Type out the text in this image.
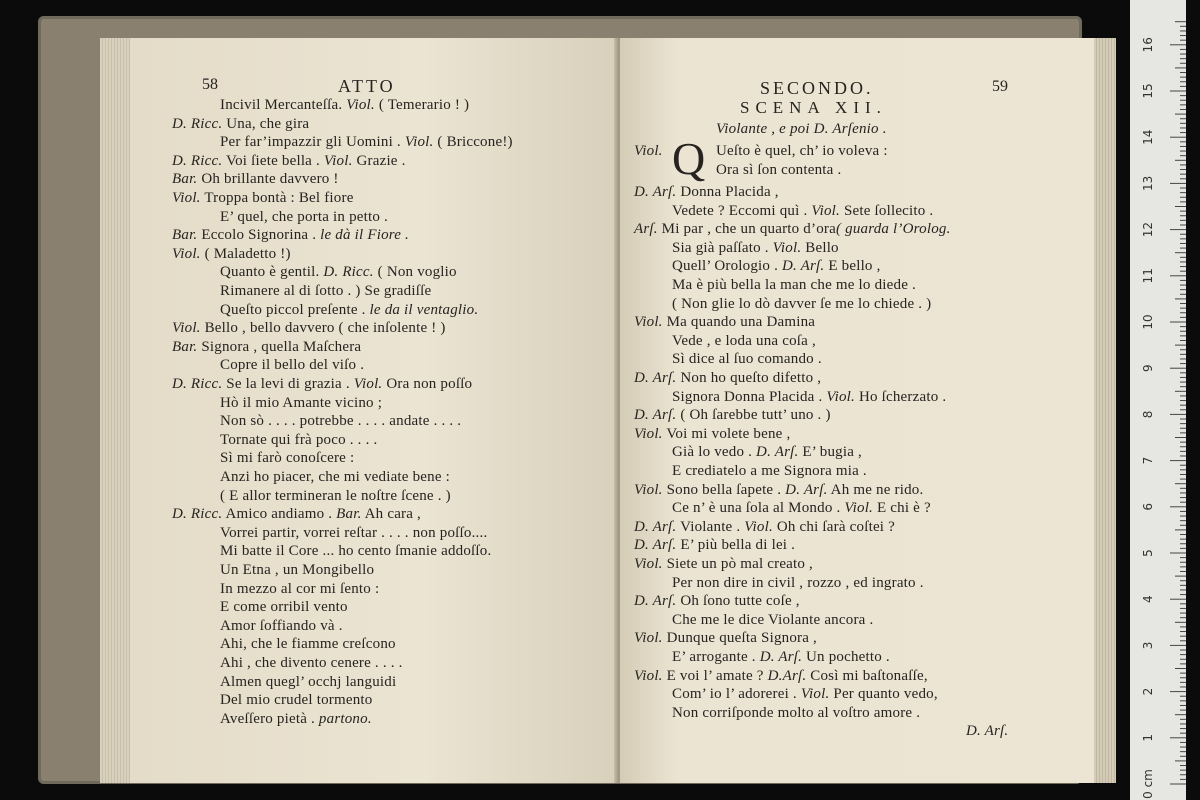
58	ATTO
Incivil Mercanteſſa. Viol. ( Temerario ! )
D. Ricc. Una, che gira
Per far’impazzir gli Uomini . Viol. ( Briccone!)
D. Ricc. Voi ſiete bella . Viol. Grazie .
Bar. Oh brillante davvero !
Viol. Troppa bontà : Bel fiore
E’ quel, che porta in petto .
Bar. Eccolo Signorina . le dà il Fiore .
Viol. ( Maladetto !)
Quanto è gentil. D. Ricc. ( Non voglio
Rimanere al di ſotto . ) Se gradiſſe
Queſto piccol preſente . le da il ventaglio.
Viol. Bello , bello davvero ( che inſolente ! )
Bar. Signora , quella Maſchera
Copre il bello del viſo .
D. Ricc. Se la levi di grazia . Viol. Ora non poſſo
Hò il mio Amante vicino ;
Non sò . . . . potrebbe . . . . andate . . . .
Tornate qui frà poco . . . .
Sì mi farò conoſcere :
Anzi ho piacer, che mi vediate bene :
( E allor termineran le noſtre ſcene . )
D. Ricc. Amico andiamo . Bar. Ah cara ,
Vorrei partir, vorrei reſtar . . . . non poſſo....
Mi batte il Core ... ho cento ſmanie addoſſo.
Un Etna , un Mongibello
In mezzo al cor mi ſento :
E come orribil vento
Amor ſoffiando và .
Ahi, che le fiamme creſcono
Ahi , che divento cenere . . . .
Almen quegl’ occhj languidi
Del mio crudel tormento
Aveſſero pietà . partono.
SECONDO.	59
SCENA XII.
Violante , e poi D. Arſenio .
Viol. Q Ueſto è quel, ch’ io voleva :
Ora sì ſon contenta .
D. Arſ. Donna Placida ,
Vedete ? Eccomi quì . Viol. Sete ſollecito .
Arſ. Mi par , che un quarto d’ora( guarda l’Orolog.
Sia già paſſato . Viol. Bello
Quell’ Orologio . D. Arſ. E bello ,
Ma è più bella la man che me lo diede .
( Non glie lo dò davver ſe me lo chiede . )
Viol. Ma quando una Damina
Vede , e loda una coſa ,
Sì dice al ſuo comando .
D. Arſ. Non ho queſto difetto ,
Signora Donna Placida . Viol. Ho ſcherzato .
D. Arſ. ( Oh ſarebbe tutt’ uno . )
Viol. Voi mi volete bene ,
Già lo vedo . D. Arſ. E’ bugia ,
E crediatelo a me Signora mia .
Viol. Sono bella ſapete . D. Arſ. Ah me ne rido.
Ce n’ è una ſola al Mondo . Viol. E chi è ?
D. Arſ. Violante . Viol. Oh chi ſarà coſtei ?
D. Arſ. E’ più bella di lei .
Viol. Siete un pò mal creato ,
Per non dire in civil , rozzo , ed ingrato .
D. Arſ. Oh ſono tutte coſe ,
Che me le dice Violante ancora .
Viol. Dunque queſta Signora ,
E’ arrogante . D. Arſ. Un pochetto .
Viol. E voi l’ amate ? D.Arſ. Così mi baſtonaſſe,
Com’ io l’ adorerei . Viol. Per quanto vedo,
Non corriſponde molto al voſtro amore .
D. Arſ.
0 cm
1
2
3
4
5
6
7
8
9
10
11
12
13
14
15
16
